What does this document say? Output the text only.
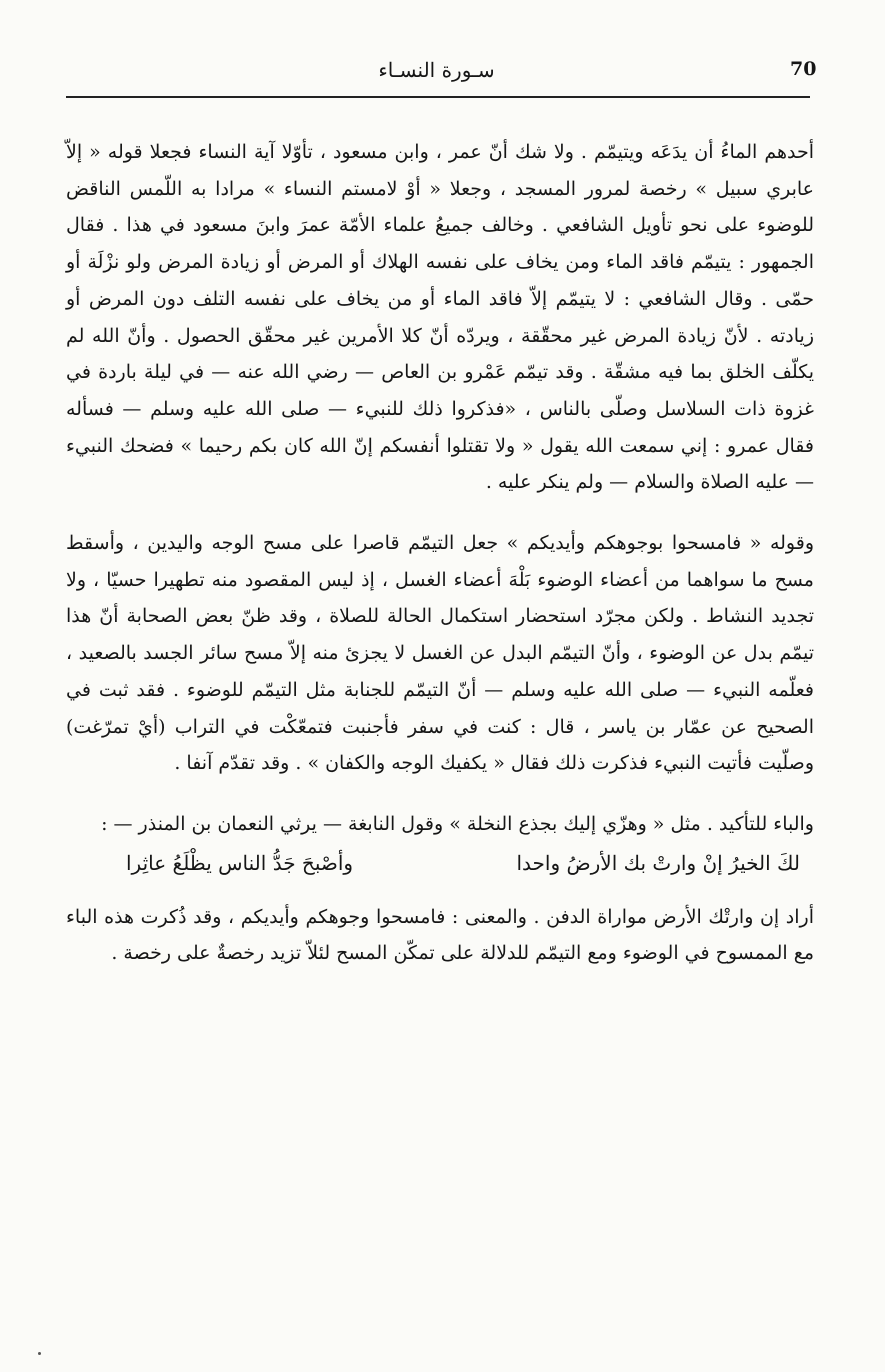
70
سـورة النسـاء

أحدهم الماءُ أن يدَعَه ويتيمّم . ولا شك أنّ عمر ، وابن مسعود ، تأوّلا آية النساء فجعلا قوله « إلاّ عابري سبيل » رخصة لمرور المسجد ، وجعلا « أوْ لامستم النساء » مرادا به اللّمس الناقض للوضوء على نحو تأويل الشافعي . وخالف جميعُ علماء الأمّة عمرَ وابنَ مسعود في هذا . فقال الجمهور : يتيمّم فاقد الماء ومن يخاف على نفسه الهلاك أو المرض أو زيادة المرض ولو نزْلَة أو حمّى . وقال الشافعي : لا يتيمّم إلاّ فاقد الماء أو من يخاف على نفسه التلف دون المرض أو زيادته . لأنّ زيادة المرض غير محقّقة ، ويردّه أنّ كلا الأمرين غير محقّق الحصول . وأنّ الله لم يكلّف الخلق بما فيه مشقّة . وقد تيمّم عَمْرو بن العاص — رضي الله عنه — في ليلة باردة في غزوة ذات السلاسل وصلّى بالناس ، «فذكروا ذلك للنبيء — صلى الله عليه وسلم — فسأله فقال عمرو : إني سمعت الله يقول « ولا تقتلوا أنفسكم إنّ الله كان بكم رحيما » فضحك النبيء — عليه الصلاة والسلام — ولم ينكر عليه .

وقوله « فامسحوا بوجوهكم وأيديكم » جعل التيمّم قاصرا على مسح الوجه واليدين ، وأسقط مسح ما سواهما من أعضاء الوضوء بَلْهَ أعضاء الغسل ، إذ ليس المقصود منه تطهيرا حسيّا ، ولا تجديد النشاط . ولكن مجرّد استحضار استكمال الحالة للصلاة ، وقد ظنّ بعض الصحابة أنّ هذا تيمّم بدل عن الوضوء ، وأنّ التيمّم البدل عن الغسل لا يجزئ منه إلاّ مسح سائر الجسد بالصعيد ، فعلّمه النبيء — صلى الله عليه وسلم — أنّ التيمّم للجنابة مثل التيمّم للوضوء . فقد ثبت في الصحيح عن عمّار بن ياسر ، قال : كنت في سفر فأجنبت فتمعّكْت في التراب (أيْ تمرّغت) وصلّيت فأتيت النبيء فذكرت ذلك فقال « يكفيك الوجه والكفان » . وقد تقدّم آنفا .

والباء للتأكيد . مثل « وهزّي إليك بجذع النخلة » وقول النابغة — يرثي النعمان بن المنذر — :

لكَ الخيرُ إنْ وارتْ بك الأرضُ واحدا
وأصْبحَ جَدُّ الناس يظْلَعُ عاثِرا

أراد إن وارتْك الأرض مواراة الدفن . والمعنى : فامسحوا وجوهكم وأيديكم ، وقد ذُكرت هذه الباء مع الممسوح في الوضوء ومع التيمّم للدلالة على تمكّن المسح لئلاّ تزيد رخصةٌ على رخصة .
